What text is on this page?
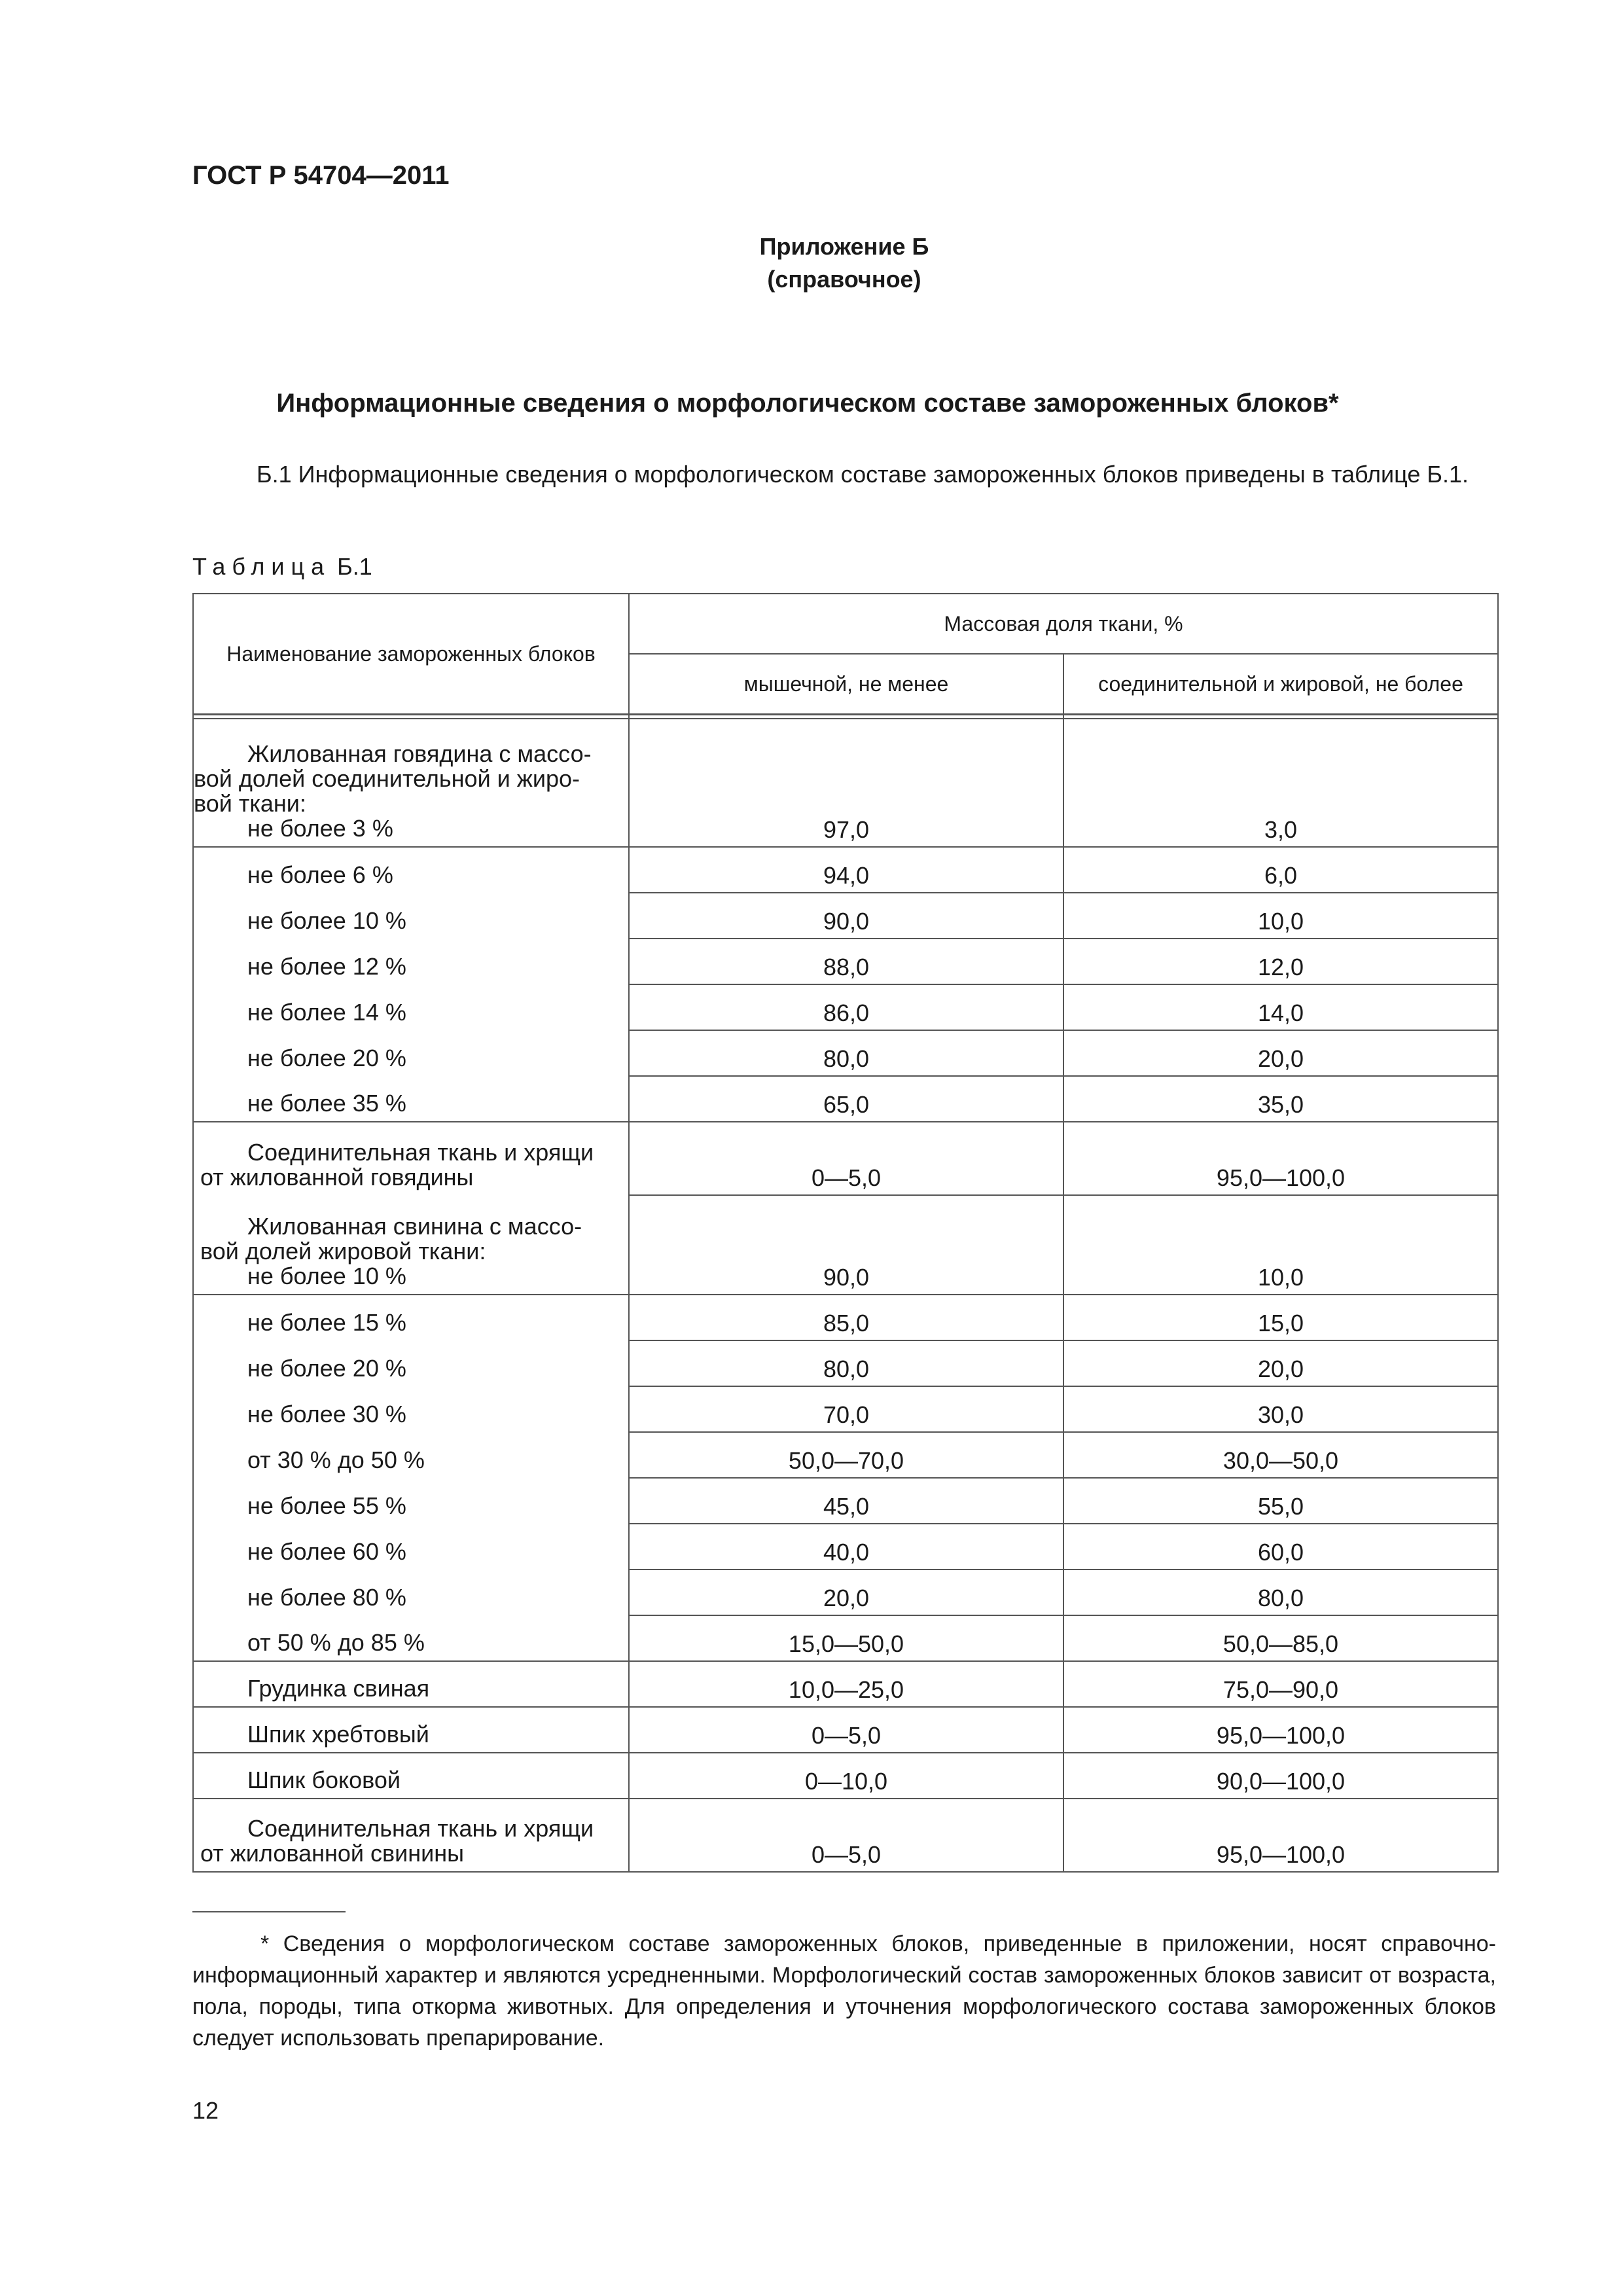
ГОСТ Р 54704—2011
Приложение Б
(справочное)
Информационные сведения о морфологическом составе замороженных блоков*
Б.1 Информационные сведения о морфологическом составе замороженных блоков приведены в таблице Б.1.
Таблица Б.1
Наименование замороженных блоков	Массовая доля ткани, %	
	мышечной, не менее	соединительной и жировой, не более

Жилованная говядина с массо-
вой долей соединительной и жиро-
вой ткани:
не более 3 %	97,0	3,0
не более 6 %	94,0	6,0
не более 10 %	90,0	10,0
не более 12 %	88,0	12,0
не более 14 %	86,0	14,0
не более 20 %	80,0	20,0
не более 35 %	65,0	35,0

Соединительная ткань и хрящи
от жилованной говядины	0—5,0	95,0—100,0

Жилованная свинина с массо-
вой долей жировой ткани:
не более 10 %	90,0	10,0
не более 15 %	85,0	15,0
не более 20 %	80,0	20,0
не более 30 %	70,0	30,0
от 30 % до 50 %	50,0—70,0	30,0—50,0
не более 55 %	45,0	55,0
не более 60 %	40,0	60,0
не более 80 %	20,0	80,0
от 50 % до 85 %	15,0—50,0	50,0—85,0
Грудинка свиная	10,0—25,0	75,0—90,0
Шпик хребтовый	0—5,0	95,0—100,0
Шпик боковой	0—10,0	90,0—100,0

Соединительная ткань и хрящи
от жилованной свинины	0—5,0	95,0—100,0
* Сведения о морфологическом составе замороженных блоков, приведенные в приложении, носят справочно-информационный характер и являются усредненными. Морфологический состав замороженных блоков зависит от возраста, пола, породы, типа откорма животных. Для определения и уточнения морфологического состава замороженных блоков следует использовать препарирование.
12
